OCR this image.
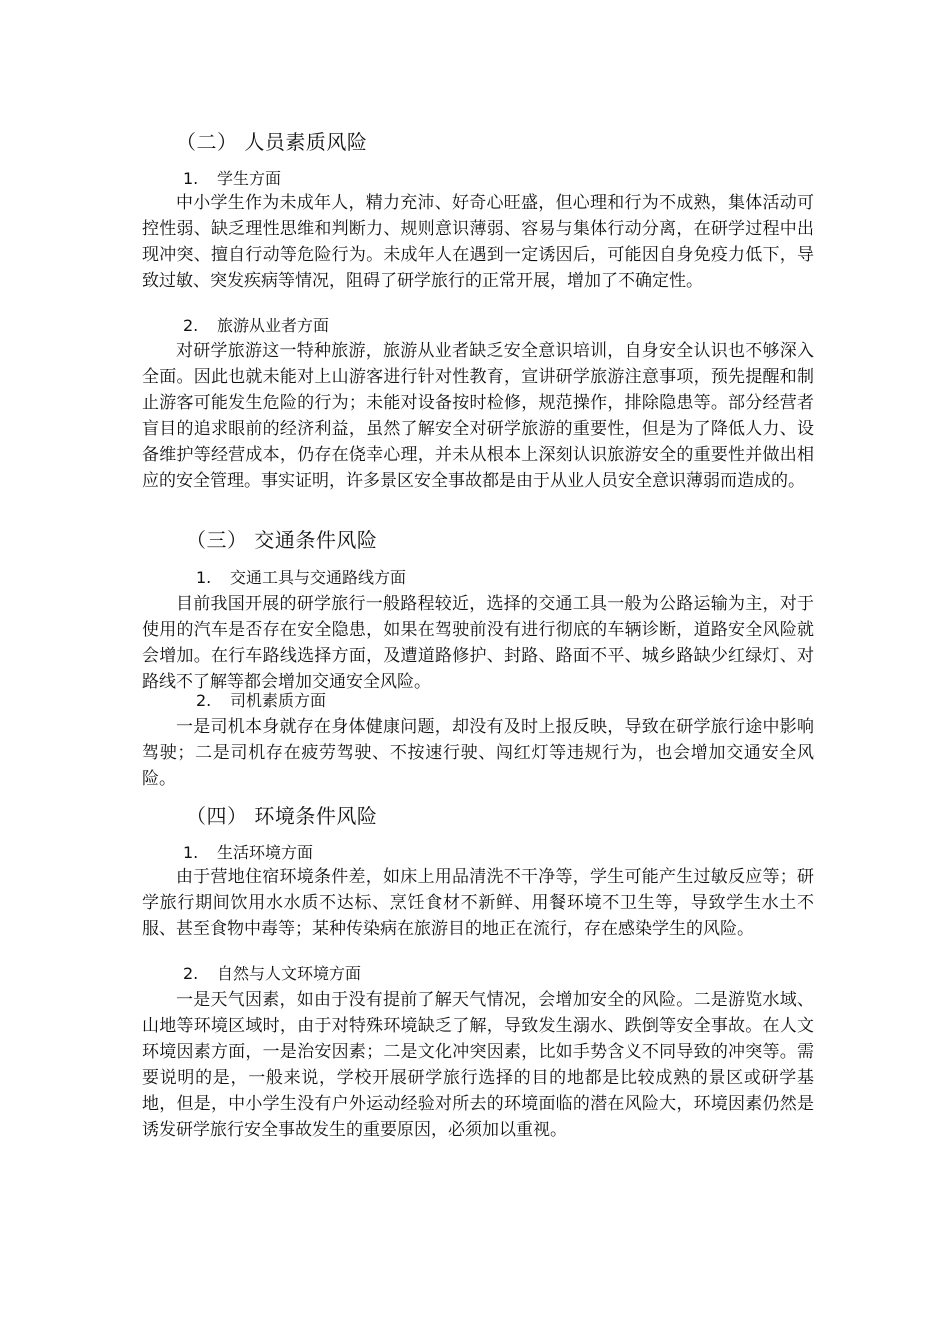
（二） 人员素质风险
1. 学生方面

中小学生作为未成年人，精力充沛、好奇心旺盛，但心理和行为不成熟，集体活动可控性弱、缺乏理性思维和判断力、规则意识薄弱、容易与集体行动分离，在研学过程中出现冲突、擅自行动等危险行为。未成年人在遇到一定诱因后，可能因自身免疫力低下，导致过敏、突发疾病等情况，阻碍了研学旅行的正常开展，增加了不确定性。

2. 旅游从业者方面

对研学旅游这一特种旅游，旅游从业者缺乏安全意识培训，自身安全认识也不够深入全面。因此也就未能对上山游客进行针对性教育，宣讲研学旅游注意事项，预先提醒和制止游客可能发生危险的行为；未能对设备按时检修，规范操作，排除隐患等。部分经营者盲目的追求眼前的经济利益，虽然了解安全对研学旅游的重要性，但是为了降低人力、设备维护等经营成本，仍存在侥幸心理，并未从根本上深刻认识旅游安全的重要性并做出相应的安全管理。事实证明，许多景区安全事故都是由于从业人员安全意识薄弱而造成的。

（三） 交通条件风险
1. 交通工具与交通路线方面

目前我国开展的研学旅行一般路程较近，选择的交通工具一般为公路运输为主，对于使用的汽车是否存在安全隐患，如果在驾驶前没有进行彻底的车辆诊断，道路安全风险就会增加。在行车路线选择方面，及遭道路修护、封路、路面不平、城乡路缺少红绿灯、对路线不了解等都会增加交通安全风险。

2. 司机素质方面

一是司机本身就存在身体健康问题，却没有及时上报反映，导致在研学旅行途中影响驾驶；二是司机存在疲劳驾驶、不按速行驶、闯红灯等违规行为，也会增加交通安全风险。

（四） 环境条件风险
1. 生活环境方面

由于营地住宿环境条件差，如床上用品清洗不干净等，学生可能产生过敏反应等；研学旅行期间饮用水水质不达标、烹饪食材不新鲜、用餐环境不卫生等，导致学生水土不服、甚至食物中毒等；某种传染病在旅游目的地正在流行，存在感染学生的风险。

2. 自然与人文环境方面

一是天气因素，如由于没有提前了解天气情况，会增加安全的风险。二是游览水域、山地等环境区域时，由于对特殊环境缺乏了解，导致发生溺水、跌倒等安全事故。在人文环境因素方面，一是治安因素；二是文化冲突因素，比如手势含义不同导致的冲突等。需要说明的是，一般来说，学校开展研学旅行选择的目的地都是比较成熟的景区或研学基地，但是，中小学生没有户外运动经验对所去的环境面临的潜在风险大，环境因素仍然是诱发研学旅行安全事故发生的重要原因，必须加以重视。
